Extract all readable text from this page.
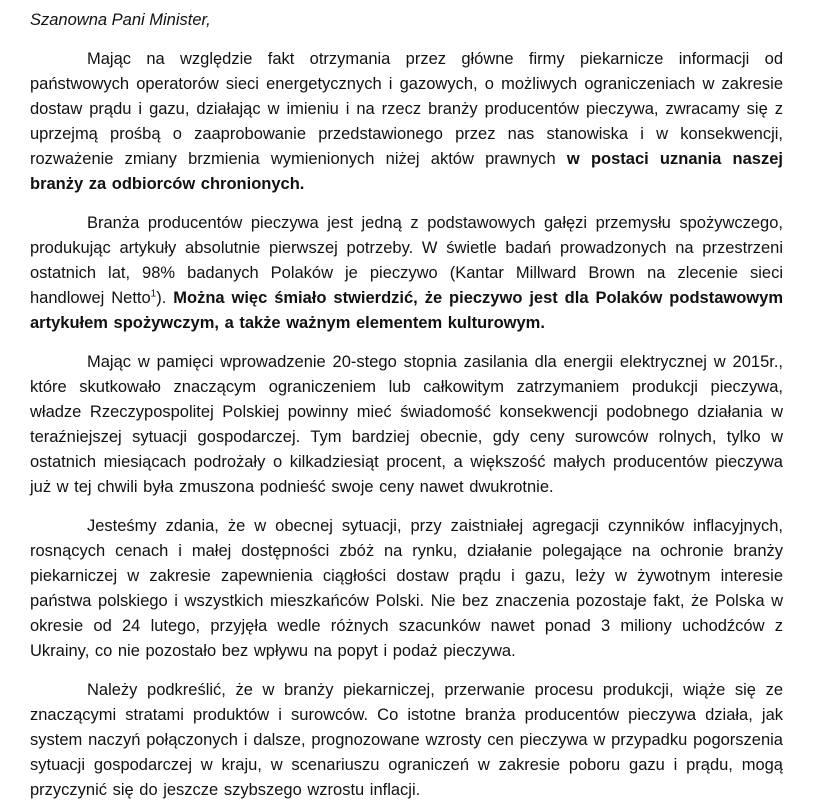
Szanowna Pani Minister,

Mając na względzie fakt otrzymania przez główne firmy piekarnicze informacji od państwowych operatorów sieci energetycznych i gazowych, o możliwych ograniczeniach w zakresie dostaw prądu i gazu, działając w imieniu i na rzecz branży producentów pieczywa, zwracamy się z uprzejmą prośbą o zaaprobowanie przedstawionego przez nas stanowiska i w konsekwencji, rozważenie zmiany brzmienia wymienionych niżej aktów prawnych w postaci uznania naszej branży za odbiorców chronionych.

Branża producentów pieczywa jest jedną z podstawowych gałęzi przemysłu spożywczego, produkując artykuły absolutnie pierwszej potrzeby. W świetle badań prowadzonych na przestrzeni ostatnich lat, 98% badanych Polaków je pieczywo (Kantar Millward Brown na zlecenie sieci handlowej Netto$^1$). Można więc śmiało stwierdzić, że pieczywo jest dla Polaków podstawowym artykułem spożywczym, a także ważnym elementem kulturowym.

Mając w pamięci wprowadzenie 20-stego stopnia zasilania dla energii elektrycznej w 2015r., które skutkowało znaczącym ograniczeniem lub całkowitym zatrzymaniem produkcji pieczywa, władze Rzeczypospolitej Polskiej powinny mieć świadomość konsekwencji podobnego działania w teraźniejszej sytuacji gospodarczej. Tym bardziej obecnie, gdy ceny surowców rolnych, tylko w ostatnich miesiącach podrożały o kilkadziesiąt procent, a większość małych producentów pieczywa już w tej chwili była zmuszona podnieść swoje ceny nawet dwukrotnie.

Jesteśmy zdania, że w obecnej sytuacji, przy zaistniałej agregacji czynników inflacyjnych, rosnących cenach i małej dostępności zbóż na rynku, działanie polegające na ochronie branży piekarniczej w zakresie zapewnienia ciągłości dostaw prądu i gazu, leży w żywotnym interesie państwa polskiego i wszystkich mieszkańców Polski. Nie bez znaczenia pozostaje fakt, że Polska w okresie od 24 lutego, przyjęła wedle różnych szacunków nawet ponad 3 miliony uchodźców z Ukrainy, co nie pozostało bez wpływu na popyt i podaż pieczywa.

Należy podkreślić, że w branży piekarniczej, przerwanie procesu produkcji, wiąże się ze znaczącymi stratami produktów i surowców. Co istotne branża producentów pieczywa działa, jak system naczyń połączonych i dalsze, prognozowane wzrosty cen pieczywa w przypadku pogorszenia sytuacji gospodarczej w kraju, w scenariuszu ograniczeń w zakresie poboru gazu i prądu, mogą przyczynić się do jeszcze szybszego wzrostu inflacji.
